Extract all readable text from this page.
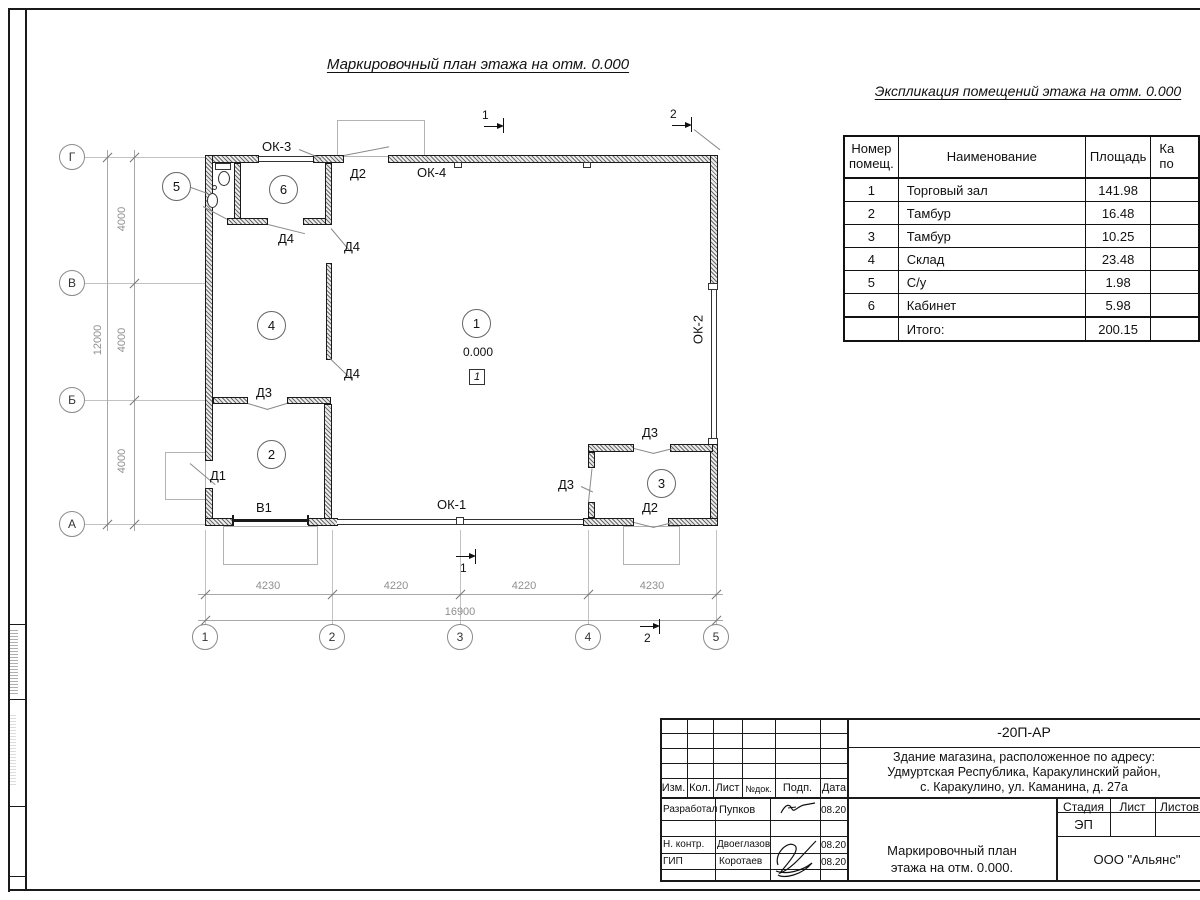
Маркировочный план этажа на отм. 0.000
Экспликация помещений этажа на отм. 0.000
Номер
помещ.	Наименование	Площадь	Ка
по
1	Торговый зал	141.98	
2	Тамбур	16.48	
3	Тамбур	10.25	
4	Склад	23.48	
5	С/у	1.98	
6	Кабинет	5.98	
	Итого:	200.15	
Г
В
Б
А
4000
4000
4000
12000
4230	4220	4220	4230
16900
1	2	3	4	5
1
2
3
4
5	6
0.000
1
ОК-3
Д2	ОК-4
Д4
Д4
Д4
Д3
Д1
В1	ОК-1
Д3
Д3
Д2
ОК-2
1	2
1
2
-20П-АР
Здание магазина, расположенное по адресу:
Удмуртская Республика, Каракулинский район,
с. Каракулино, ул. Каманина, д. 27а
Изм. Кол. Лист №док.	Подп. Дата
Разработал Пупков	08.20
Н. контр. Двоеглазов	08.20
ГИП	Коротаев	08.20
Стадия	Лист	Листов
ЭП
Маркировочный план
этажа на отм. 0.000.
ООО "Альянс"
